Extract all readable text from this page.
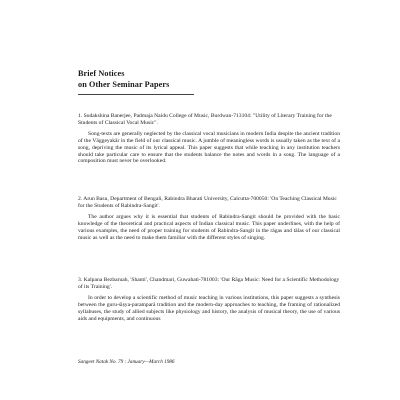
Brief Notices
on Other Seminar Papers

1. Sudakshina Banerjee, Padmaja Naidu College of Music, Burdwan-713104: "Utility of Literary Training for the Students of Classical Vocal Music".

Song-texts are generally neglected by the classical vocal musicians in modern India despite the ancient tradition of the Vāggeyakār in the field of our classical music. A jumble of meaningless words is usually taken as the text of a song, depriving the music of its lyrical appeal. This paper suggests that while teaching in any institution teachers should take particular care to ensure that the students balance the notes and words in a song. The language of a composition must never be overlooked.

2. Arun Basu, Department of Bengali, Rabindra Bharati University, Calcutta-700050: 'On Teaching Classical Music for the Students of Rabindra-Sangit'.

The author argues why it is essential that students of Rabindra-Sangit should be provided with the basic knowledge of the theoretical and practical aspects of Indian classical music. This paper underlines, with the help of various examples, the need of proper training for students of Rabindra-Sangit in the rāgas and tālas of our classical music as well as the need to make them familiar with the different styles of singing.

3. Kalpana Bezbaruah, 'Shanti', Chandmari, Guwahati-781003: 'Our Rāga Music: Need for a Scientific Methodology of its Training'.

In order to develop a scientific method of music teaching in various institutions, this paper suggests a synthesis between the guru-śiṣya-paramparā tradition and the modern-day approaches to teaching, the framing of rationalized syllabuses, the study of allied subjects like physiology and history, the analysis of musical theory, the use of various aids and equipments, and continuous

Sangeet Natak No. 79 : January—March 1986
